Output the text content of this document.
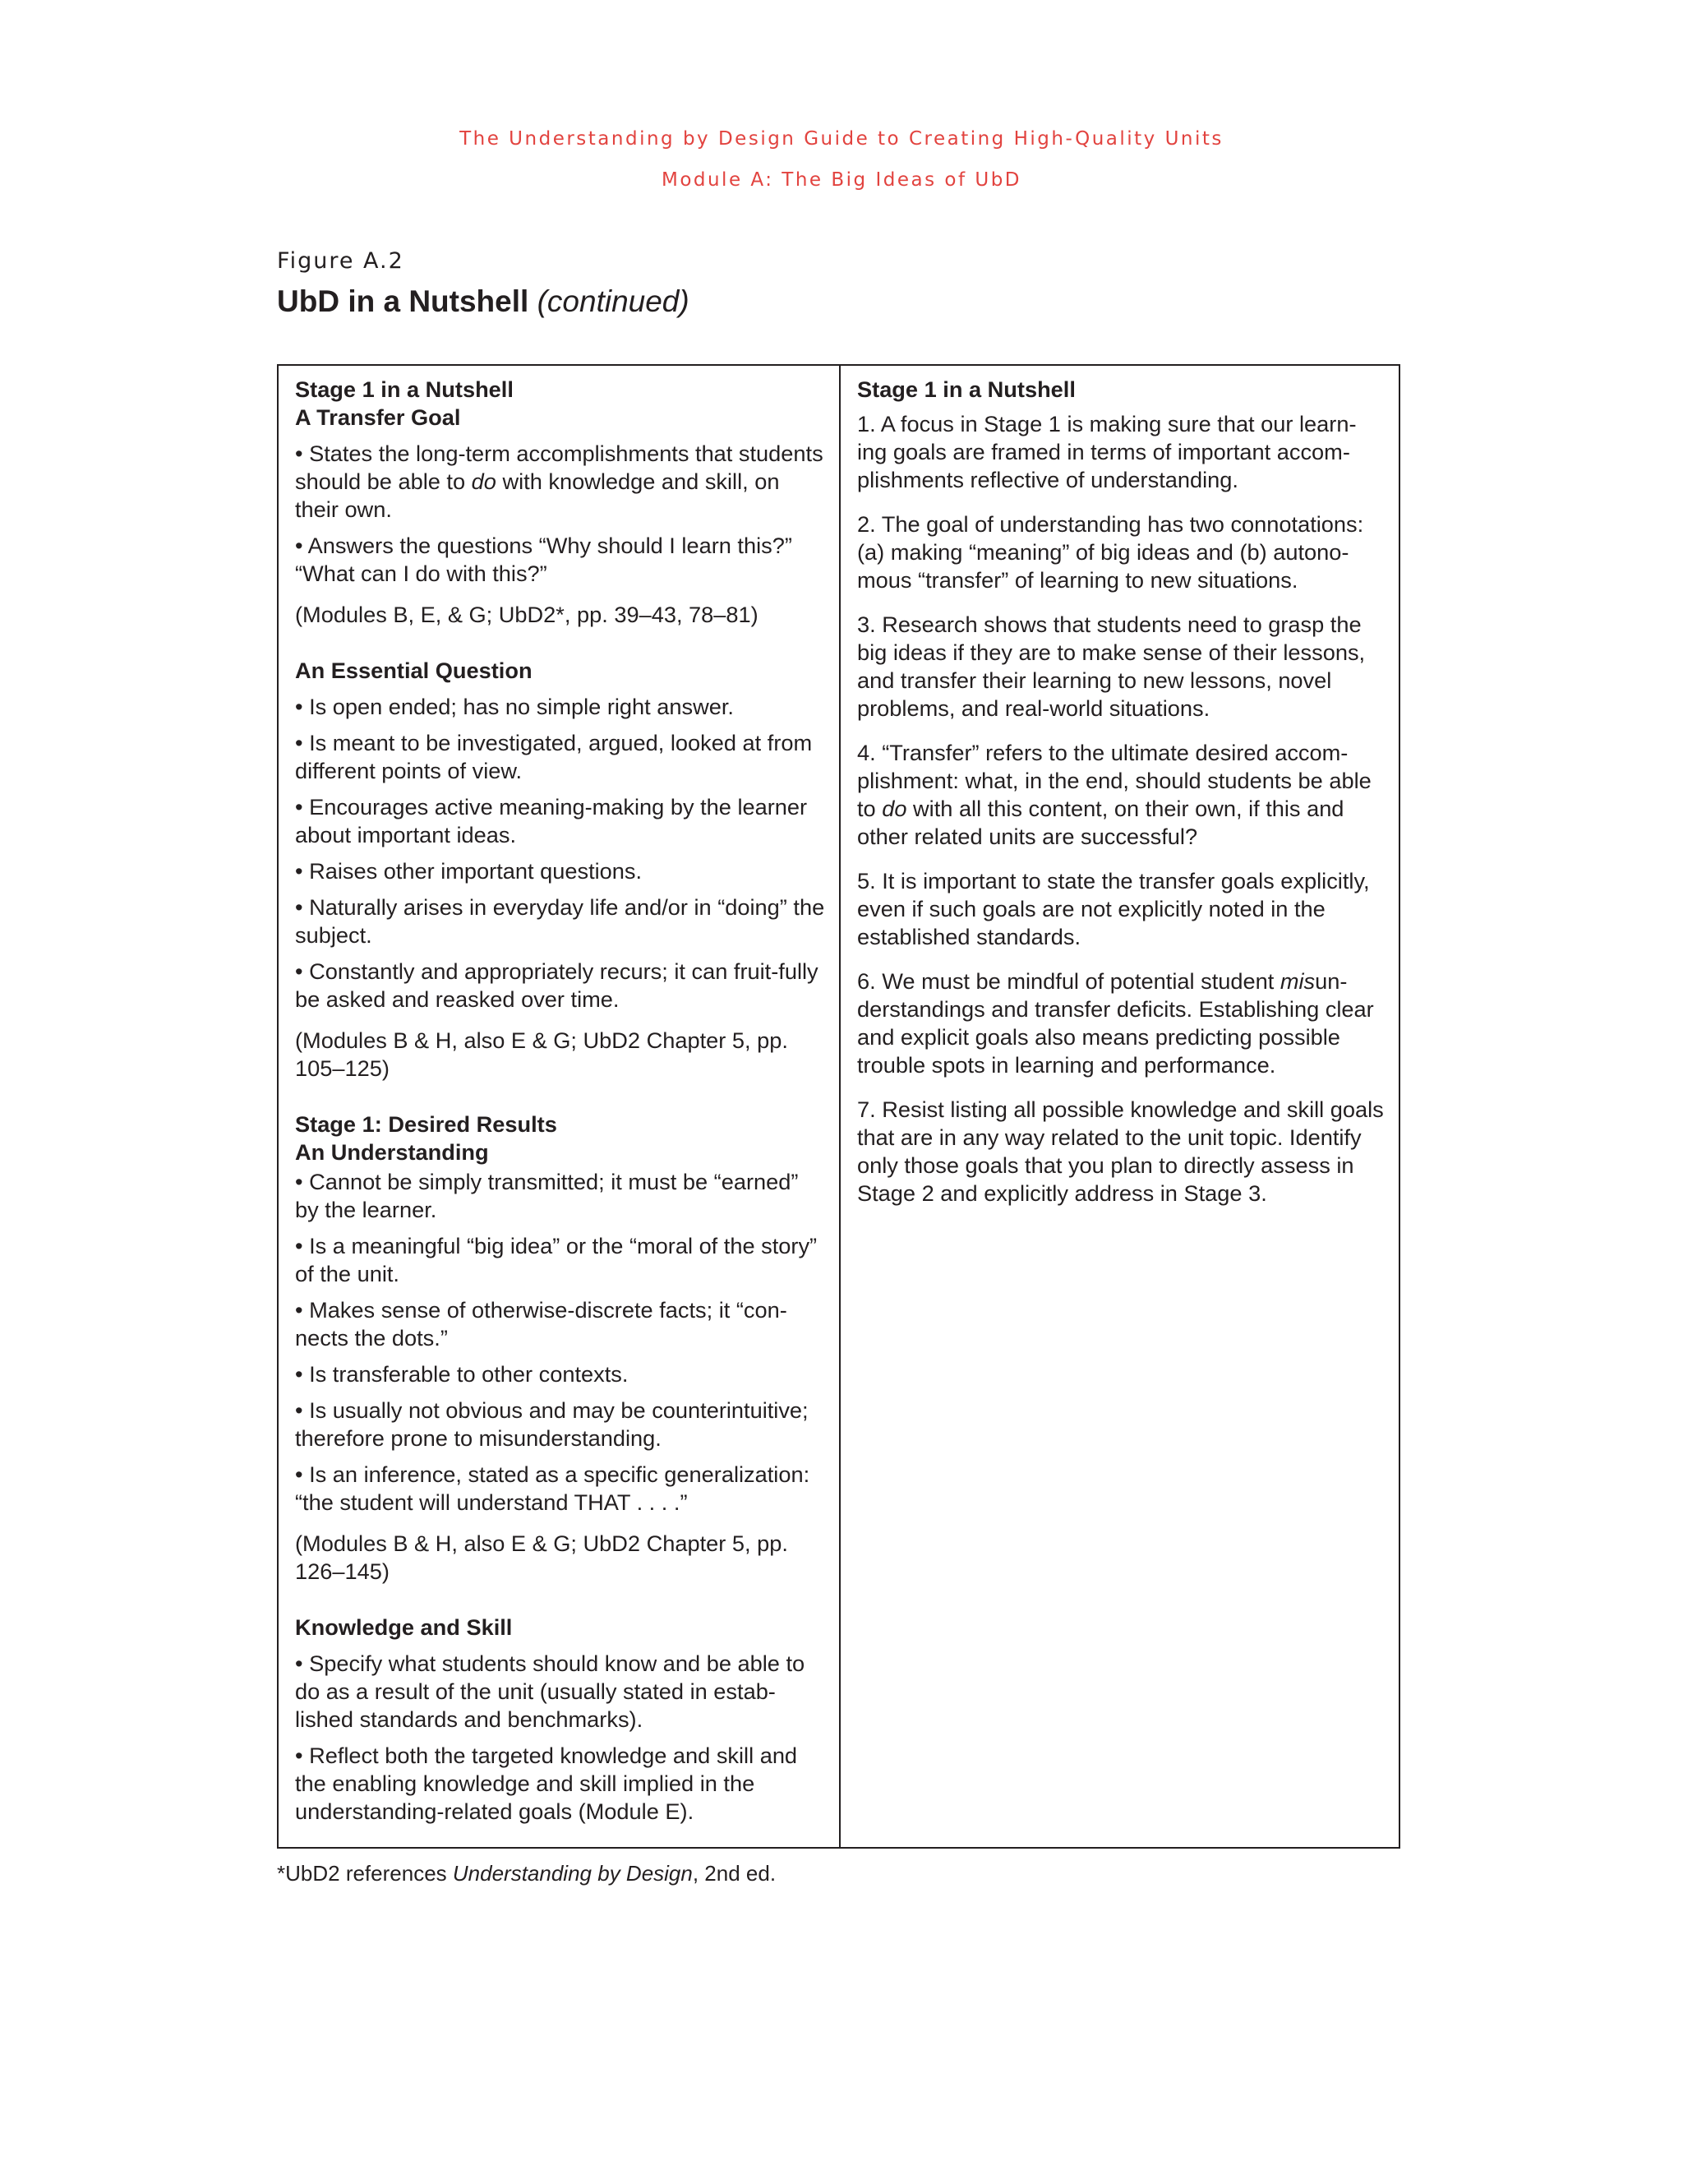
The Understanding by Design Guide to Creating High-Quality Units
Module A: The Big Ideas of UbD
Figure A.2
UbD in a Nutshell (continued)
Stage 1 in a Nutshell
A Transfer Goal

• States the long-term accomplishments that students should be able to do with knowledge and skill, on their own.

• Answers the questions “Why should I learn this?” “What can I do with this?”

(Modules B, E, & G; UbD2*, pp. 39–43, 78–81)

An Essential Question

• Is open ended; has no simple right answer.

• Is meant to be investigated, argued, looked at from different points of view.

• Encourages active meaning-making by the learner about important ideas.

• Raises other important questions.

• Naturally arises in everyday life and/or in “doing” the subject.

• Constantly and appropriately recurs; it can fruit-fully be asked and reasked over time.

(Modules B & H, also E & G; UbD2 Chapter 5, pp. 105–125)

Stage 1: Desired Results
An Understanding

• Cannot be simply transmitted; it must be “earned” by the learner.

• Is a meaningful “big idea” or the “moral of the story” of the unit.

• Makes sense of otherwise-discrete facts; it “con-nects the dots.”

• Is transferable to other contexts.

• Is usually not obvious and may be counterintuitive; therefore prone to misunderstanding.

• Is an inference, stated as a specific generalization: “the student will understand THAT . . . .”

(Modules B & H, also E & G; UbD2 Chapter 5, pp. 126–145)

Knowledge and Skill

• Specify what students should know and be able to do as a result of the unit (usually stated in estab-lished standards and benchmarks).

• Reflect both the targeted knowledge and skill and the enabling knowledge and skill implied in the understanding-related goals (Module E).

Stage 1 in a Nutshell

1. A focus in Stage 1 is making sure that our learn-ing goals are framed in terms of important accom-plishments reflective of understanding.

2. The goal of understanding has two connotations: (a) making “meaning” of big ideas and (b) autono-mous “transfer” of learning to new situations.

3. Research shows that students need to grasp the big ideas if they are to make sense of their lessons, and transfer their learning to new lessons, novel problems, and real-world situations.

4. “Transfer” refers to the ultimate desired accom-plishment: what, in the end, should students be able to do with all this content, on their own, if this and other related units are successful?

5. It is important to state the transfer goals explicitly, even if such goals are not explicitly noted in the established standards.

6. We must be mindful of potential student misun-derstandings and transfer deficits. Establishing clear and explicit goals also means predicting possible trouble spots in learning and performance.

7. Resist listing all possible knowledge and skill goals that are in any way related to the unit topic. Identify only those goals that you plan to directly assess in Stage 2 and explicitly address in Stage 3.

*UbD2 references Understanding by Design, 2nd ed.
